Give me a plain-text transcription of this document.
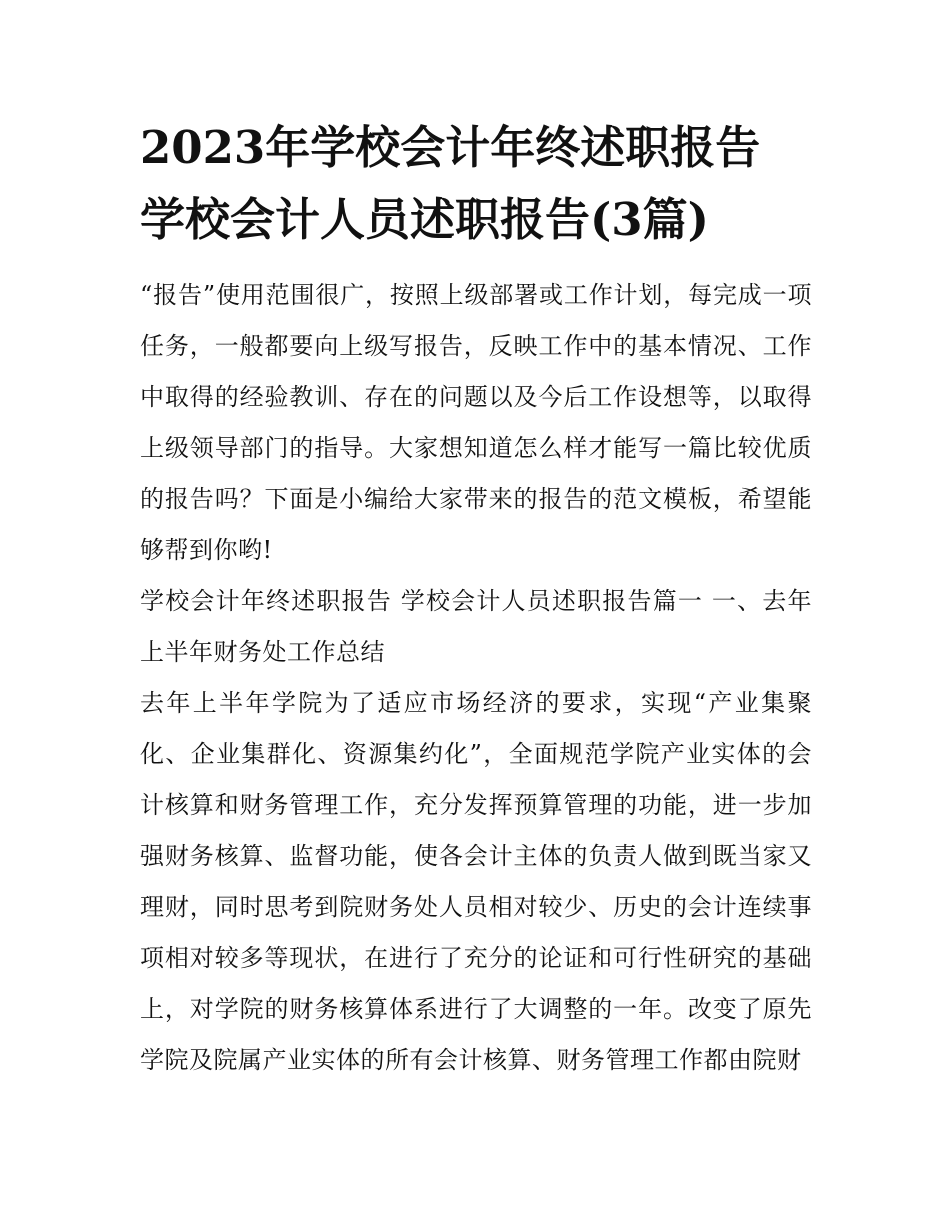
2023年学校会计年终述职报告
学校会计人员述职报告(3篇)

“报告”使用范围很广，按照上级部署或工作计划，每完成一项任务，一般都要向上级写报告，反映工作中的基本情况、工作中取得的经验教训、存在的问题以及今后工作设想等，以取得上级领导部门的指导。大家想知道怎么样才能写一篇比较优质的报告吗？下面是小编给大家带来的报告的范文模板，希望能够帮到你哟!

学校会计年终述职报告 学校会计人员述职报告篇一 一、去年上半年财务处工作总结

去年上半年学院为了适应市场经济的要求，实现“产业集聚化、企业集群化、资源集约化”，全面规范学院产业实体的会计核算和财务管理工作，充分发挥预算管理的功能，进一步加强财务核算、监督功能，使各会计主体的负责人做到既当家又理财，同时思考到院财务处人员相对较少、历史的会计连续事项相对较多等现状，在进行了充分的论证和可行性研究的基础上，对学院的财务核算体系进行了大调整的一年。改变了原先学院及院属产业实体的所有会计核算、财务管理工作都由院财
